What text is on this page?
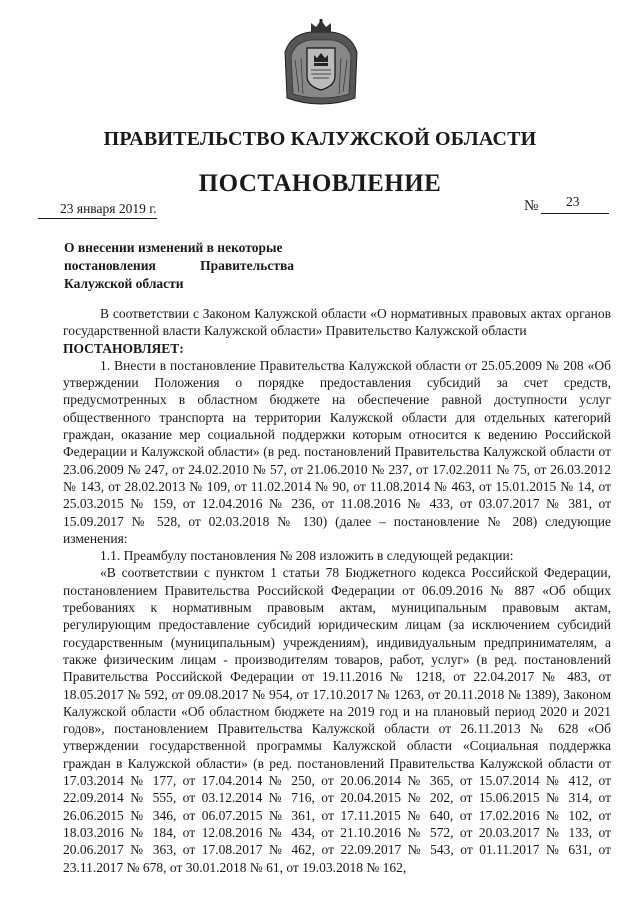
ПРАВИТЕЛЬСТВО КАЛУЖСКОЙ ОБЛАСТИ
ПОСТАНОВЛЕНИЕ
23 января 2019 г.	№ 23
О внесении изменений в некоторые
постановления	Правительства
Калужской области

В соответствии с Законом Калужской области «О нормативных правовых актах органов государственной власти Калужской области» Правительство Калужской области

ПОСТАНОВЛЯЕТ:

1. Внести в постановление Правительства Калужской области от 25.05.2009 № 208 «Об утверждении Положения о порядке предоставления субсидий за счет средств, предусмотренных в областном бюджете на обеспечение равной доступности услуг общественного транспорта на территории Калужской области для отдельных категорий граждан, оказание мер социальной поддержки которым относится к ведению Российской Федерации и Калужской области» (в ред. постановлений Правительства Калужской области от 23.06.2009 № 247, от 24.02.2010 № 57, от 21.06.2010 № 237, от 17.02.2011 № 75, от 26.03.2012 № 143, от 28.02.2013 № 109, от 11.02.2014 № 90, от 11.08.2014 № 463, от 15.01.2015 № 14, от 25.03.2015 № 159, от 12.04.2016 № 236, от 11.08.2016 № 433, от 03.07.2017 № 381, от 15.09.2017 № 528, от 02.03.2018 № 130) (далее – постановление № 208) следующие изменения:

1.1. Преамбулу постановления № 208 изложить в следующей редакции:

«В соответствии с пунктом 1 статьи 78 Бюджетного кодекса Российской Федерации, постановлением Правительства Российской Федерации от 06.09.2016 № 887 «Об общих требованиях к нормативным правовым актам, муниципальным правовым актам, регулирующим предоставление субсидий юридическим лицам (за исключением субсидий государственным (муниципальным) учреждениям), индивидуальным предпринимателям, а также физическим лицам - производителям товаров, работ, услуг» (в ред. постановлений Правительства Российской Федерации от 19.11.2016 № 1218, от 22.04.2017 № 483, от 18.05.2017 № 592, от 09.08.2017 № 954, от 17.10.2017 № 1263, от 20.11.2018 № 1389), Законом Калужской области «Об областном бюджете на 2019 год и на плановый период 2020 и 2021 годов», постановлением Правительства Калужской области от 26.11.2013 № 628 «Об утверждении государственной программы Калужской области «Социальная поддержка граждан в Калужской области» (в ред. постановлений Правительства Калужской области от 17.03.2014 № 177, от 17.04.2014 № 250, от 20.06.2014 № 365, от 15.07.2014 № 412, от 22.09.2014 № 555, от 03.12.2014 № 716, от 20.04.2015 № 202, от 15.06.2015 № 314, от 26.06.2015 № 346, от 06.07.2015 № 361, от 17.11.2015 № 640, от 17.02.2016 № 102, от 18.03.2016 № 184, от 12.08.2016 № 434, от 21.10.2016 № 572, от 20.03.2017 № 133, от 20.06.2017 № 363, от 17.08.2017 № 462, от 22.09.2017 № 543, от 01.11.2017 № 631, от 23.11.2017 № 678, от 30.01.2018 № 61, от 19.03.2018 № 162,
